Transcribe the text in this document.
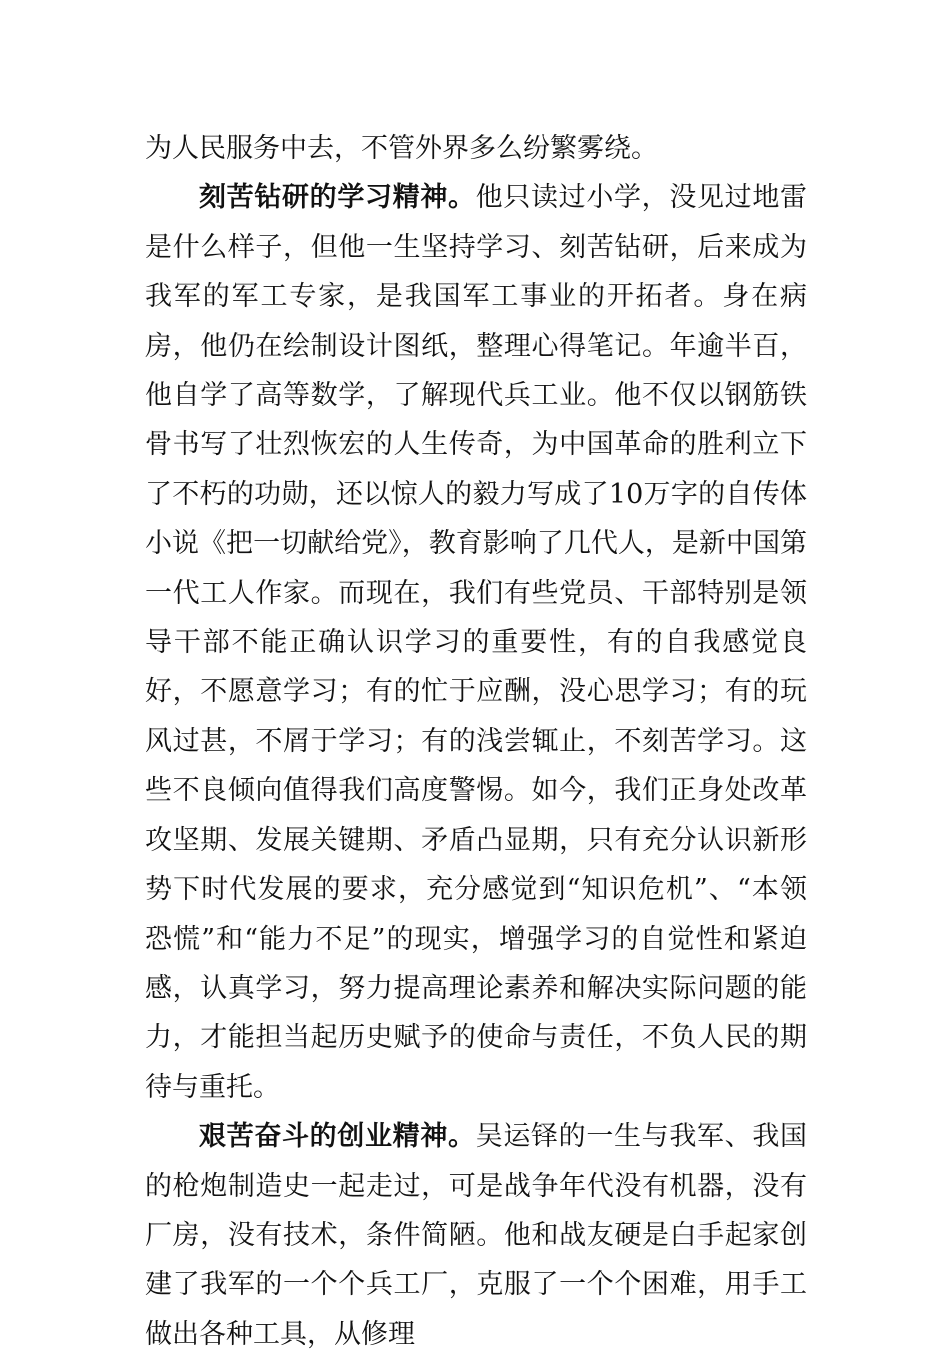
为人民服务中去，不管外界多么纷繁雾绕。

刻苦钻研的学习精神。他只读过小学，没见过地雷是什么样子，但他一生坚持学习、刻苦钻研，后来成为我军的军工专家，是我国军工事业的开拓者。身在病房，他仍在绘制设计图纸，整理心得笔记。年逾半百，他自学了高等数学，了解现代兵工业。他不仅以钢筋铁骨书写了壮烈恢宏的人生传奇，为中国革命的胜利立下了不朽的功勋，还以惊人的毅力写成了10万字的自传体小说《把一切献给党》，教育影响了几代人，是新中国第一代工人作家。而现在，我们有些党员、干部特别是领导干部不能正确认识学习的重要性，有的自我感觉良好，不愿意学习；有的忙于应酬，没心思学习；有的玩风过甚，不屑于学习；有的浅尝辄止，不刻苦学习。这些不良倾向值得我们高度警惕。如今，我们正身处改革攻坚期、发展关键期、矛盾凸显期，只有充分认识新形势下时代发展的要求，充分感觉到“知识危机”、“本领恐慌”和“能力不足”的现实，增强学习的自觉性和紧迫感，认真学习，努力提高理论素养和解决实际问题的能力，才能担当起历史赋予的使命与责任，不负人民的期待与重托。

艰苦奋斗的创业精神。吴运铎的一生与我军、我国的枪炮制造史一起走过，可是战争年代没有机器，没有厂房，没有技术，条件简陋。他和战友硬是白手起家创建了我军的一个个兵工厂，克服了一个个困难，用手工做出各种工具，从修理
